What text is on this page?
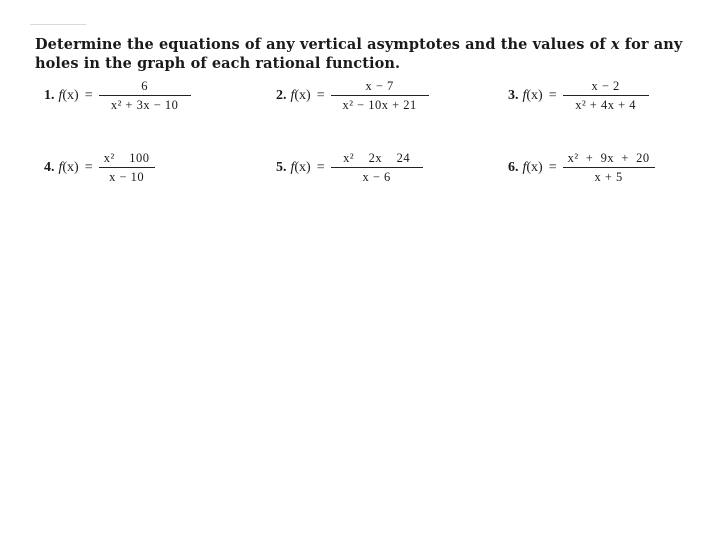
Determine the equations of any vertical asymptotes and the values of x for any holes in the graph of each rational function.

1. f $(x) = \frac{6}{\text{x² + 3x − 10}}$	2. f $(x) = \frac{x - 7}{\text{x² − 10x + 21}}$	3. f $(x) = \frac{x - 2}{\text{x² + 4x + 4}}$
4. f $(x) = \frac{\text{x²    100}}{x - 10}$	5. f $(x) = \frac{\text{x²    2x    24}}{x - 6}$	6. f $(x) = \frac{\text{x²  +  9x  +  20}}{x + 5}$
